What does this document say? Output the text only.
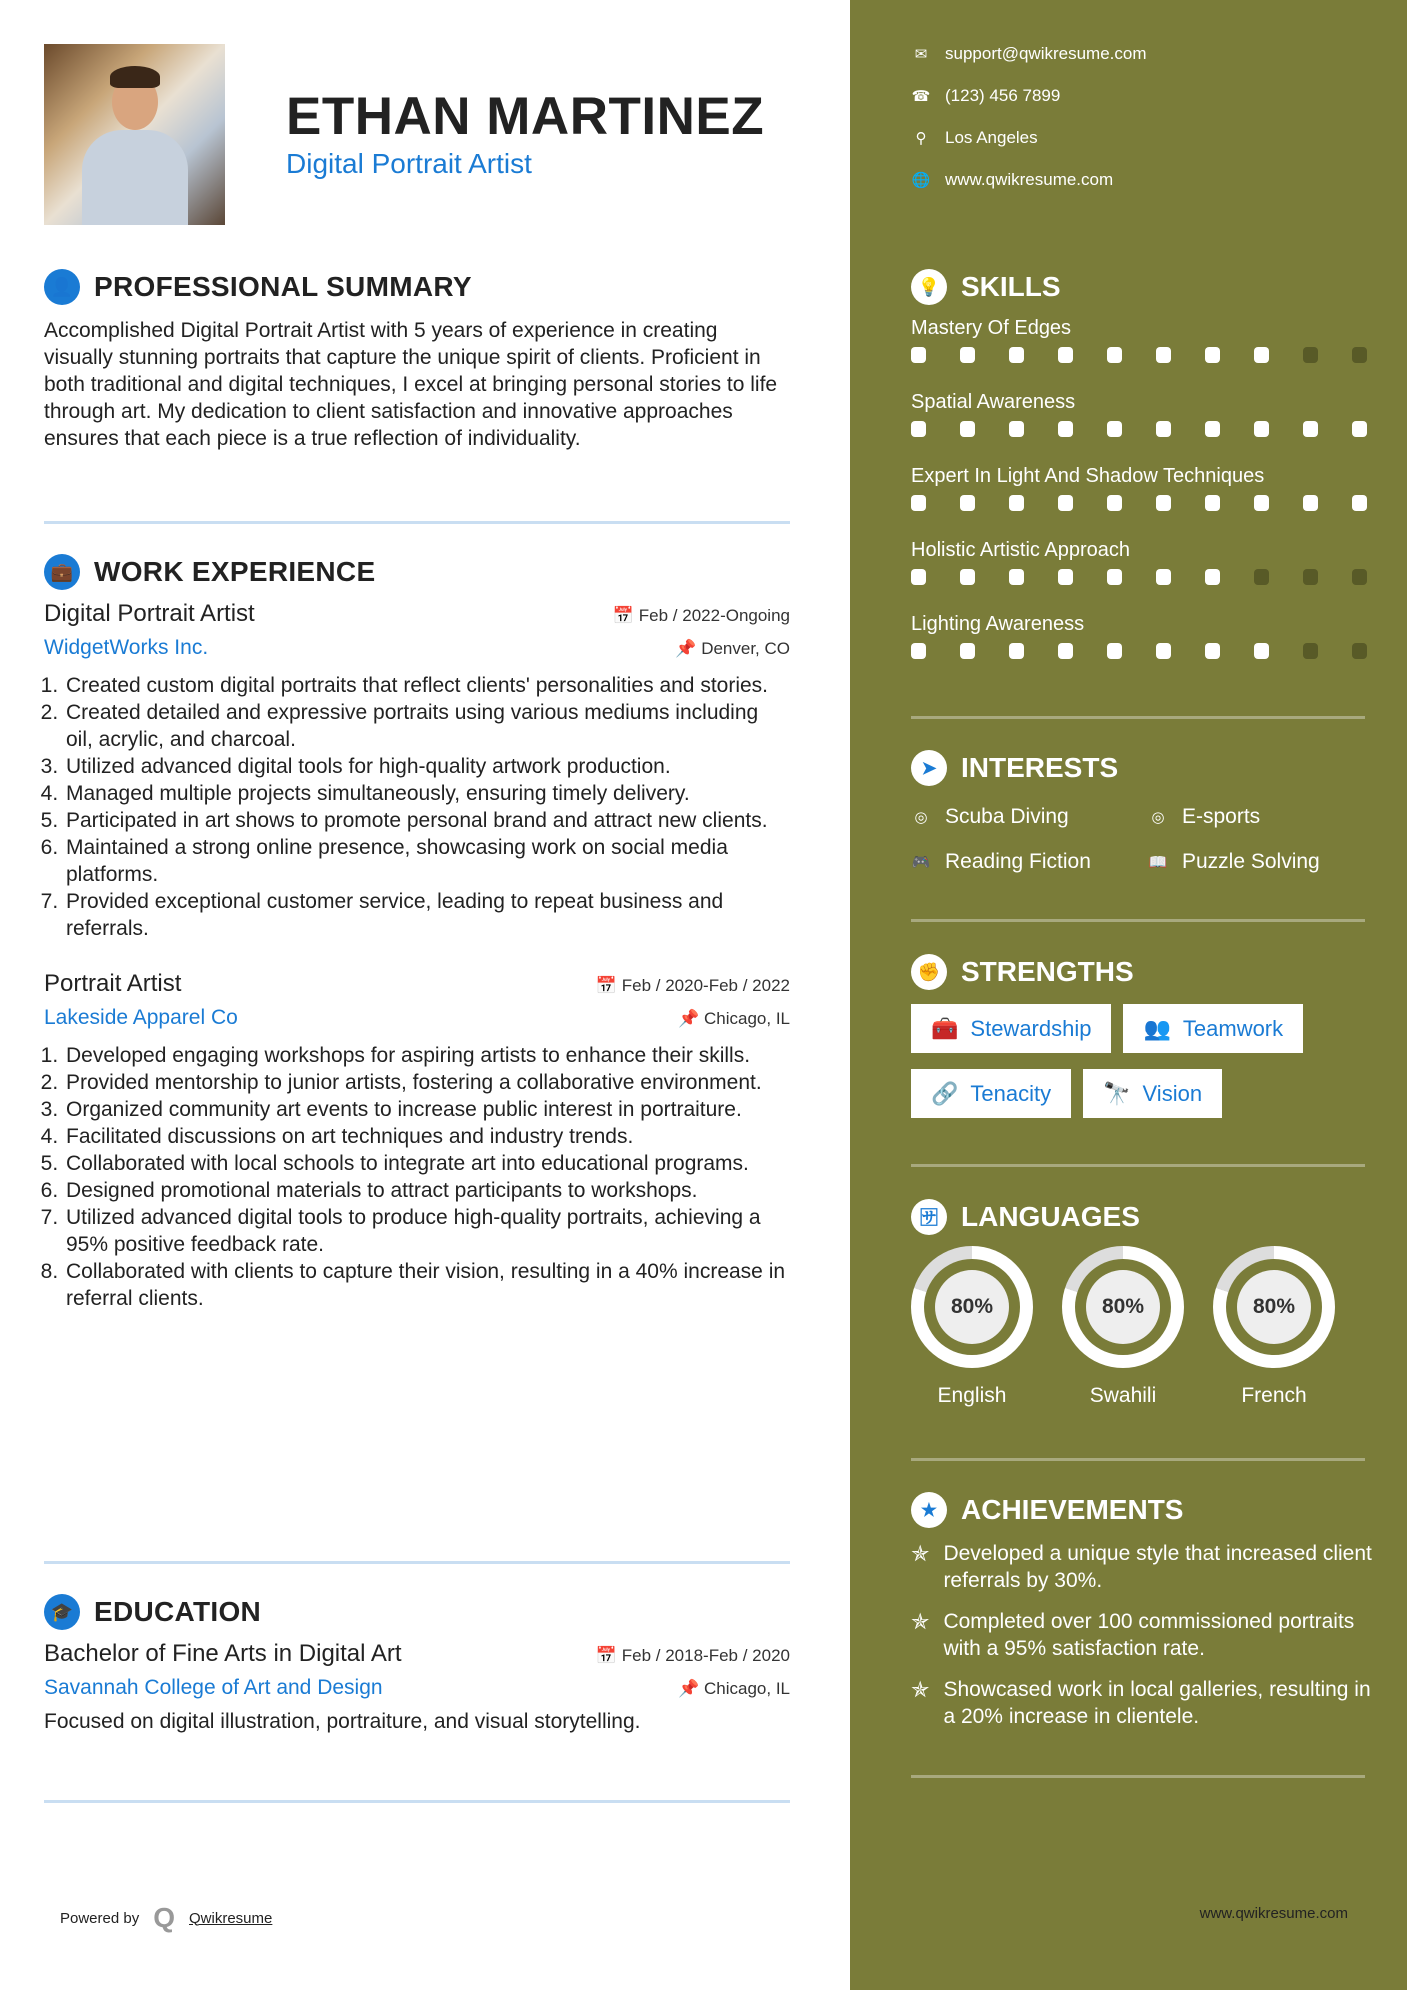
ETHAN MARTINEZ
Digital Portrait Artist
👤 PROFESSIONAL SUMMARY

Accomplished Digital Portrait Artist with 5 years of experience in creating visually stunning portraits that capture the unique spirit of clients. Proficient in both traditional and digital techniques, I excel at bringing personal stories to life through art. My dedication to client satisfaction and innovative approaches ensures that each piece is a true reflection of individuality.

💼 WORK EXPERIENCE
Digital Portrait Artist	📅 Feb / 2022-Ongoing
WidgetWorks Inc.	📌 Denver, CO
1. Created custom digital portraits that reflect clients' personalities and stories.
2. Created detailed and expressive portraits using various mediums including oil, acrylic, and charcoal.
3. Utilized advanced digital tools for high-quality artwork production.
4. Managed multiple projects simultaneously, ensuring timely delivery.
5. Participated in art shows to promote personal brand and attract new clients.
6. Maintained a strong online presence, showcasing work on social media platforms.
7. Provided exceptional customer service, leading to repeat business and referrals.
Portrait Artist	📅 Feb / 2020-Feb / 2022
Lakeside Apparel Co	📌 Chicago, IL
1. Developed engaging workshops for aspiring artists to enhance their skills.
2. Provided mentorship to junior artists, fostering a collaborative environment.
3. Organized community art events to increase public interest in portraiture.
4. Facilitated discussions on art techniques and industry trends.
5. Collaborated with local schools to integrate art into educational programs.
6. Designed promotional materials to attract participants to workshops.
7. Utilized advanced digital tools to produce high-quality portraits, achieving a 95% positive feedback rate.
8. Collaborated with clients to capture their vision, resulting in a 40% increase in referral clients.
🎓 EDUCATION
Bachelor of Fine Arts in Digital Art	📅 Feb / 2018-Feb / 2020
Savannah College of Art and Design	📌 Chicago, IL

Focused on digital illustration, portraiture, and visual storytelling.

Powered by Q Qwikresume
✉ support@qwikresume.com
☎ (123) 456 7899
⚲ Los Angeles
🌐 www.qwikresume.com
💡 SKILLS
Mastery Of Edges
Spatial Awareness
Expert In Light And Shadow Techniques
Holistic Artistic Approach
Lighting Awareness
➤ INTERESTS
◎ Scuba Diving	◎ E-sports
🎮 Reading Fiction	📖 Puzzle Solving
✊ STRENGTHS
🧰 Stewardship 👥 Teamwork
🔗 Tenacity 🔭 Vision
🈂 LANGUAGES
80%
English
80%
Swahili
80%
French
★ ACHIEVEMENTS
✯ Developed a unique style that increased client referrals by 30%.
✯ Completed over 100 commissioned portraits with a 95% satisfaction rate.
✯ Showcased work in local galleries, resulting in a 20% increase in clientele.
www.qwikresume.com
